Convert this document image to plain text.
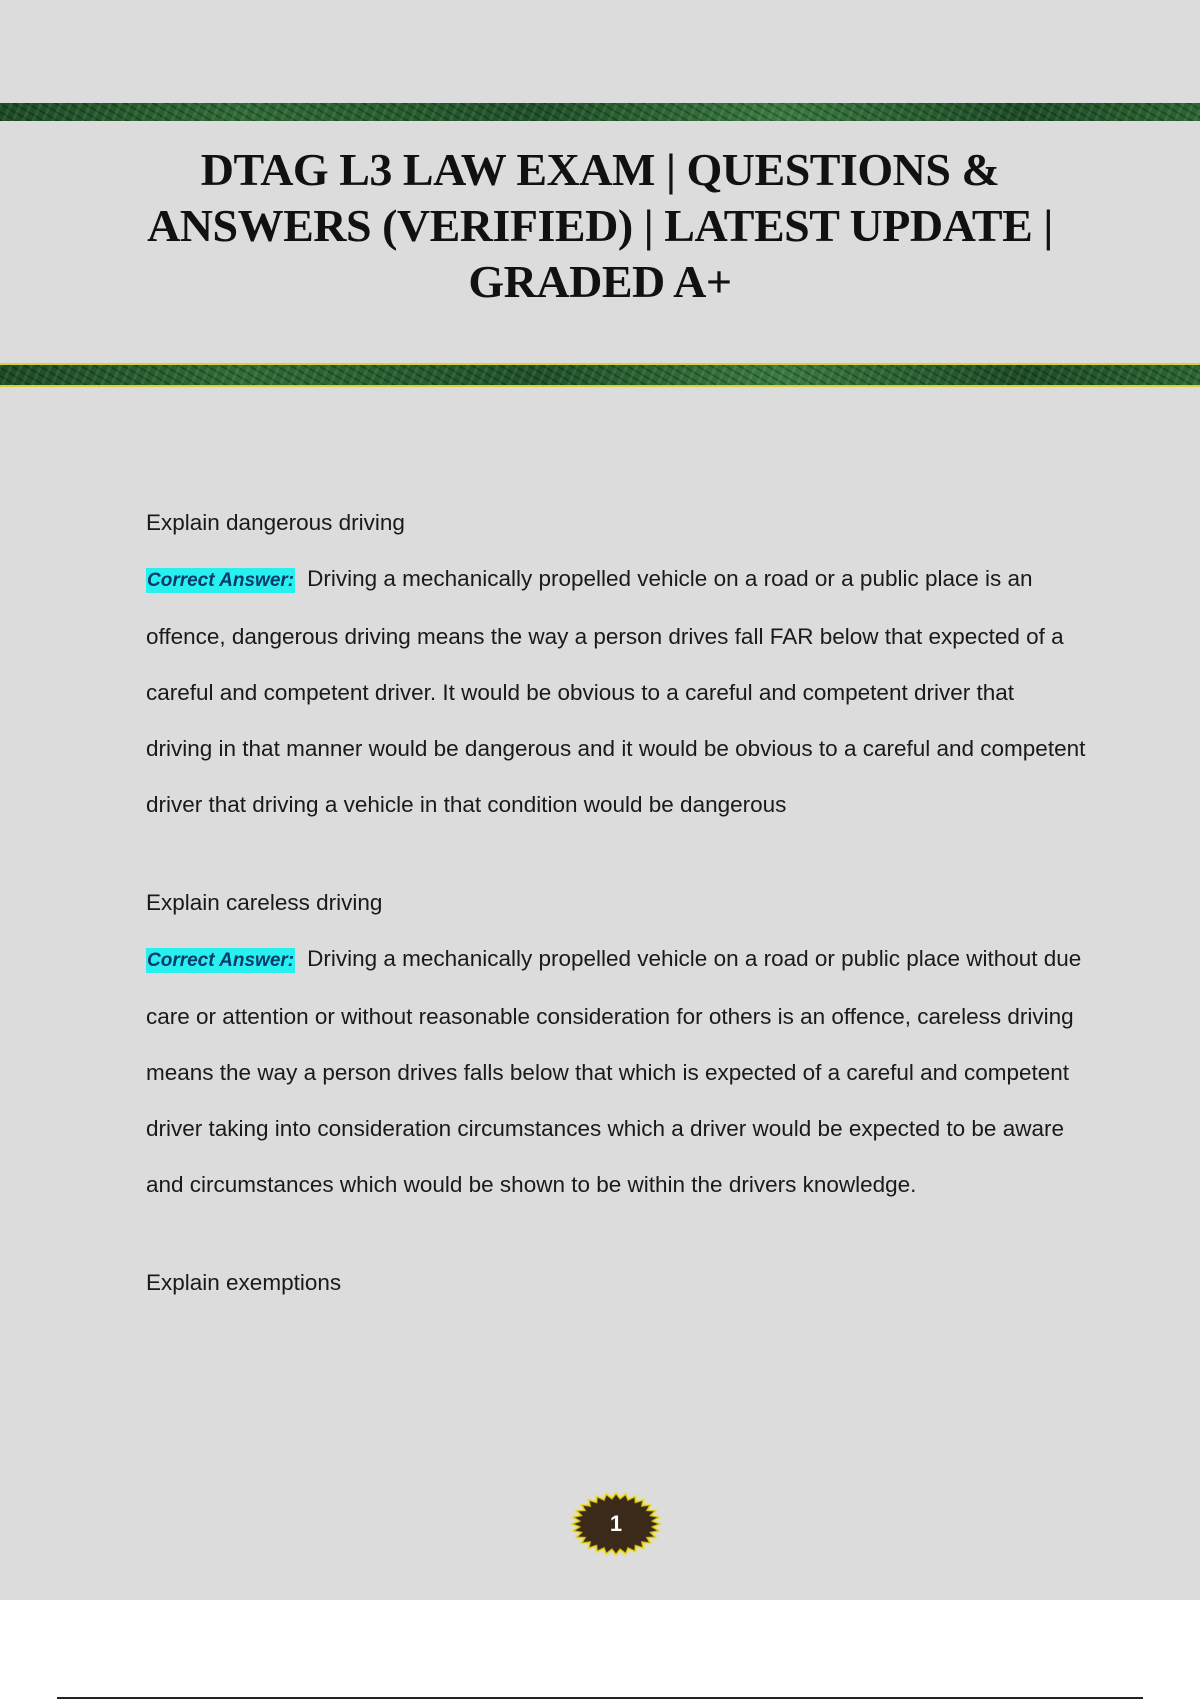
DTAG L3 LAW EXAM | QUESTIONS & ANSWERS (VERIFIED) | LATEST UPDATE | GRADED A+

Explain dangerous driving

Correct Answer: Driving a mechanically propelled vehicle on a road or a public place is an offence, dangerous driving means the way a person drives fall FAR below that expected of a careful and competent driver. It would be obvious to a careful and competent driver that driving in that manner would be dangerous and it would be obvious to a careful and competent driver that driving a vehicle in that condition would be dangerous

Explain careless driving

Correct Answer: Driving a mechanically propelled vehicle on a road or public place without due care or attention or without reasonable consideration for others is an offence, careless driving means the way a person drives falls below that which is expected of a careful and competent driver taking into consideration circumstances which a driver would be expected to be aware and circumstances which would be shown to be within the drivers knowledge.

Explain exemptions

1
